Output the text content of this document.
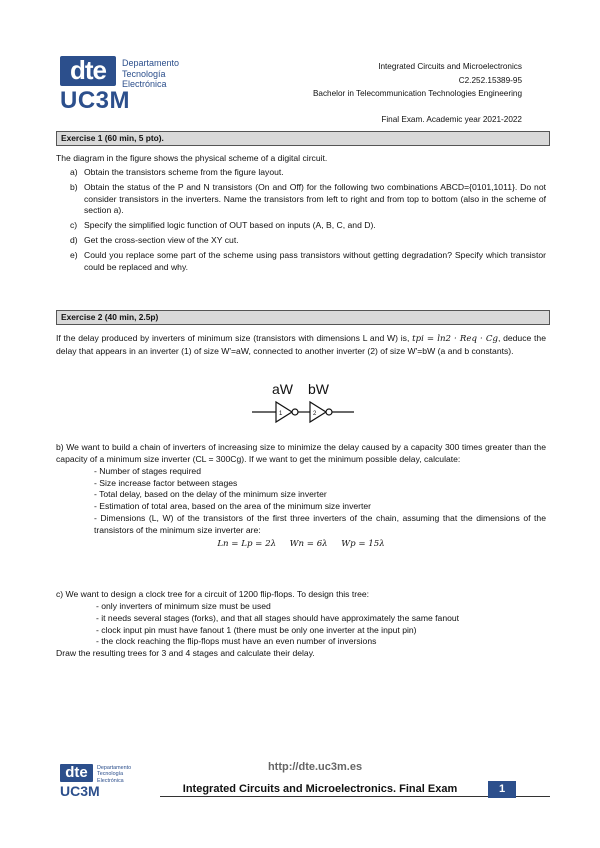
dte	Departamento
Tecnología
Electrónica
UC3M
Integrated Circuits and Microelectronics
C2.252.15389-95
Bachelor in Telecommunication Technologies Engineering
Final Exam. Academic year 2021-2022
Exercise 1 (60 min, 5 pto).
The diagram in the figure shows the physical scheme of a digital circuit.
a) Obtain the transistors scheme from the figure layout.
b) Obtain the status of the P and N transistors (On and Off) for the following two combinations ABCD={0101,1011}. Do not consider transistors in the inverters. Name the transistors from left to right and from top to bottom (also in the scheme of section a).
c) Specify the simplified logic function of OUT based on inputs (A, B, C, and D).
d) Get the cross-section view of the XY cut.
e) Could you replace some part of the scheme using pass transistors without getting degradation? Specify which transistor could be replaced and why.
Exercise 2 (40 min, 2.5p)
If the delay produced by inverters of minimum size (transistors with dimensions L and W) is, tpi = ln2 · Req · Cg, deduce the delay that appears in an inverter (1) of size W'=aW, connected to another inverter (2) of size W'=bW (a and b constants).
aW bW
1	2
b) We want to build a chain of inverters of increasing size to minimize the delay caused by a capacity 300 times greater than the capacity of a minimum size inverter (CL = 300Cg). If we want to get the minimum possible delay, calculate:
- Number of stages required
- Size increase factor between stages
- Total delay, based on the delay of the minimum size inverter
- Estimation of total area, based on the area of the minimum size inverter
- Dimensions (L, W) of the transistors of the first three inverters of the chain, assuming that the dimensions of the transistors of the minimum size inverter are:
Ln = Lp = 2λ     Wn = 6λ     Wp = 15λ
c) We want to design a clock tree for a circuit of 1200 flip-flops. To design this tree:
- only inverters of minimum size must be used
- it needs several stages (forks), and that all stages should have approximately the same fanout
- clock input pin must have fanout 1 (there must be only one inverter at the input pin)
- the clock reaching the flip-flops must have an even number of inversions
Draw the resulting trees for 3 and 4 stages and calculate their delay.
dte	Departamento
Tecnología
Electrónica
UC3M
http://dte.uc3m.es
Integrated Circuits and Microelectronics. Final Exam	1
